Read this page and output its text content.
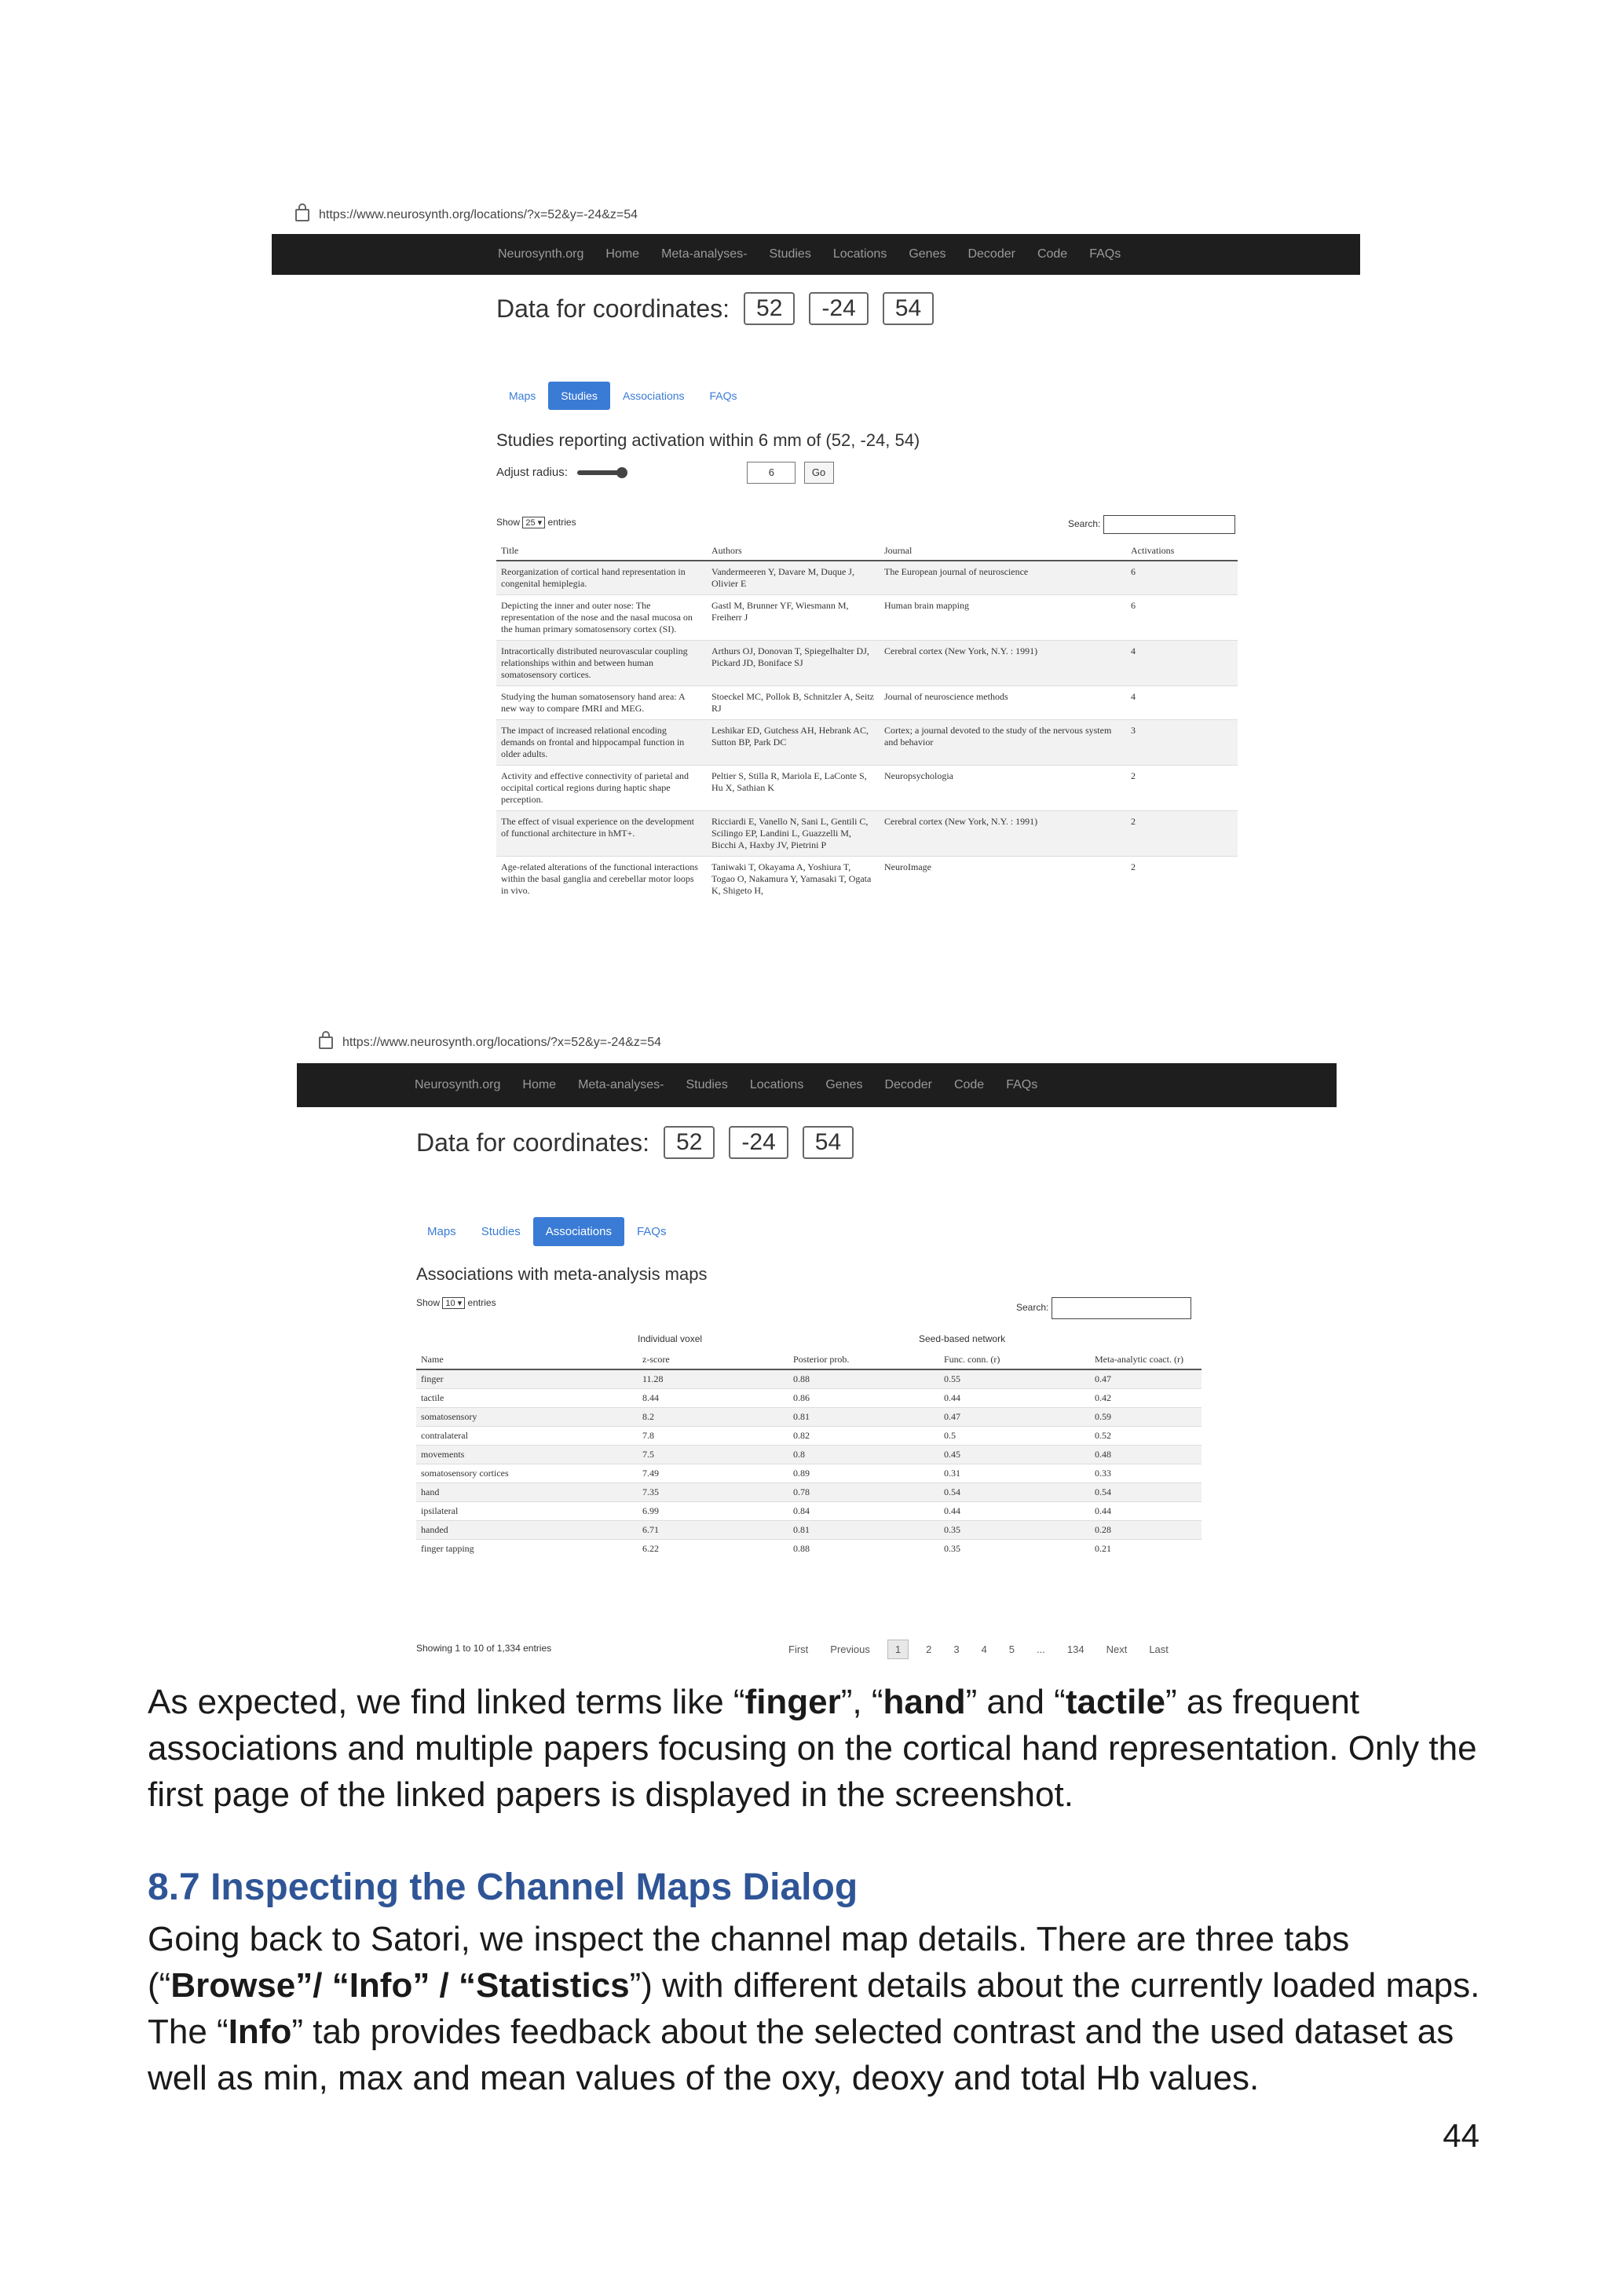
https://www.neurosynth.org/locations/?x=52&y=-24&z=54
Neurosynth.org Home Meta-analyses- Studies Locations Genes Decoder Code FAQs
Data for coordinates:	52	-24	54
Maps	Studies	Associations	FAQs
Studies reporting activation within 6 mm of (52, -24, 54)
Adjust radius:	6	Go
Show 25 ▾ entries	Search:
Title	Authors	Journal	Activations
Reorganization of cortical hand representation in congenital hemiplegia.	Vandermeeren Y, Davare M, Duque J, Olivier E	The European journal of neuroscience	6
Depicting the inner and outer nose: The representation of the nose and the nasal mucosa on the human primary somatosensory cortex (SI).	Gastl M, Brunner YF, Wiesmann M, Freiherr J	Human brain mapping	6
Intracortically distributed neurovascular coupling relationships within and between human somatosensory cortices.	Arthurs OJ, Donovan T, Spiegelhalter DJ, Pickard JD, Boniface SJ	Cerebral cortex (New York, N.Y. : 1991)	4
Studying the human somatosensory hand area: A new way to compare fMRI and MEG.	Stoeckel MC, Pollok B, Schnitzler A, Seitz RJ	Journal of neuroscience methods	4
The impact of increased relational encoding demands on frontal and hippocampal function in older adults.	Leshikar ED, Gutchess AH, Hebrank AC, Sutton BP, Park DC	Cortex; a journal devoted to the study of the nervous system and behavior	3
Activity and effective connectivity of parietal and occipital cortical regions during haptic shape perception.	Peltier S, Stilla R, Mariola E, LaConte S, Hu X, Sathian K	Neuropsychologia	2
The effect of visual experience on the development of functional architecture in hMT+.	Ricciardi E, Vanello N, Sani L, Gentili C, Scilingo EP, Landini L, Guazzelli M, Bicchi A, Haxby JV, Pietrini P	Cerebral cortex (New York, N.Y. : 1991)	2
Age-related alterations of the functional interactions within the basal ganglia and cerebellar motor loops in vivo.	Taniwaki T, Okayama A, Yoshiura T, Togao O, Nakamura Y, Yamasaki T, Ogata K, Shigeto H,	NeuroImage	2
https://www.neurosynth.org/locations/?x=52&y=-24&z=54
Neurosynth.org Home Meta-analyses- Studies Locations Genes Decoder Code FAQs
Data for coordinates:	52	-24	54
Maps	Studies	Associations	FAQs
Associations with meta-analysis maps
Show 10 ▾ entries	Search:
Individual voxel	Seed-based network
Name	z-score	Posterior prob.	Func. conn. (r)	Meta-analytic coact. (r)
finger	11.28	0.88	0.55	0.47
tactile	8.44	0.86	0.44	0.42
somatosensory	8.2	0.81	0.47	0.59
contralateral	7.8	0.82	0.5	0.52
movements	7.5	0.8	0.45	0.48
somatosensory cortices	7.49	0.89	0.31	0.33
hand	7.35	0.78	0.54	0.54
ipsilateral	6.99	0.84	0.44	0.44
handed	6.71	0.81	0.35	0.28
finger tapping	6.22	0.88	0.35	0.21
Showing 1 to 10 of 1,334 entries	First Previous	1	2 3 4 5 ... 134 Next Last
As expected, we find linked terms like “finger”, “hand” and “tactile” as frequent associations and multiple papers focusing on the cortical hand representation. Only the first page of the linked papers is displayed in the screenshot.
8.7 Inspecting the Channel Maps Dialog
Going back to Satori, we inspect the channel map details. There are three tabs (“Browse”/ “Info” / “Statistics”) with different details about the currently loaded maps. The “Info” tab provides feedback about the selected contrast and the used dataset as well as min, max and mean values of the oxy, deoxy and total Hb values.
44
